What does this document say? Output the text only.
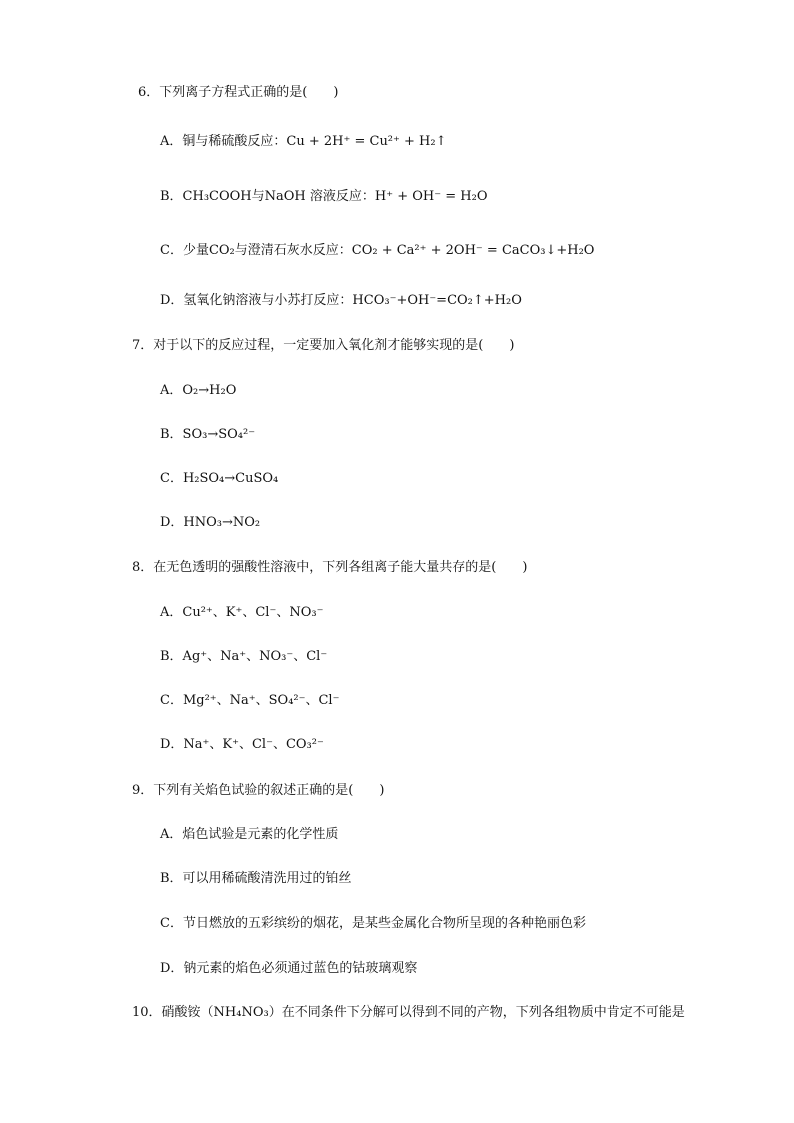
6．下列离子方程式正确的是(　　)
A．铜与稀硫酸反应：Cu + 2H⁺ = Cu²⁺ + H₂↑
B．CH₃COOH与NaOH 溶液反应：H⁺ + OH⁻ = H₂O
C．少量CO₂与澄清石灰水反应：CO₂ + Ca²⁺ + 2OH⁻ = CaCO₃↓+H₂O
D．氢氧化钠溶液与小苏打反应：HCO₃⁻+OH⁻=CO₂↑+H₂O
7．对于以下的反应过程，一定要加入氧化剂才能够实现的是(　　)
A．O₂→H₂O
B．SO₃→SO₄²⁻
C．H₂SO₄→CuSO₄
D．HNO₃→NO₂
8．在无色透明的强酸性溶液中，下列各组离子能大量共存的是(　　)
A．Cu²⁺、K⁺、Cl⁻、NO₃⁻
B．Ag⁺、Na⁺、NO₃⁻、Cl⁻
C．Mg²⁺、Na⁺、SO₄²⁻、Cl⁻
D．Na⁺、K⁺、Cl⁻、CO₃²⁻
9．下列有关焰色试验的叙述正确的是(　　)
A．焰色试验是元素的化学性质
B．可以用稀硫酸清洗用过的铂丝
C．节日燃放的五彩缤纷的烟花，是某些金属化合物所呈现的各种艳丽色彩
D．钠元素的焰色必须通过蓝色的钴玻璃观察
10．硝酸铵（NH₄NO₃）在不同条件下分解可以得到不同的产物，下列各组物质中肯定不可能是
